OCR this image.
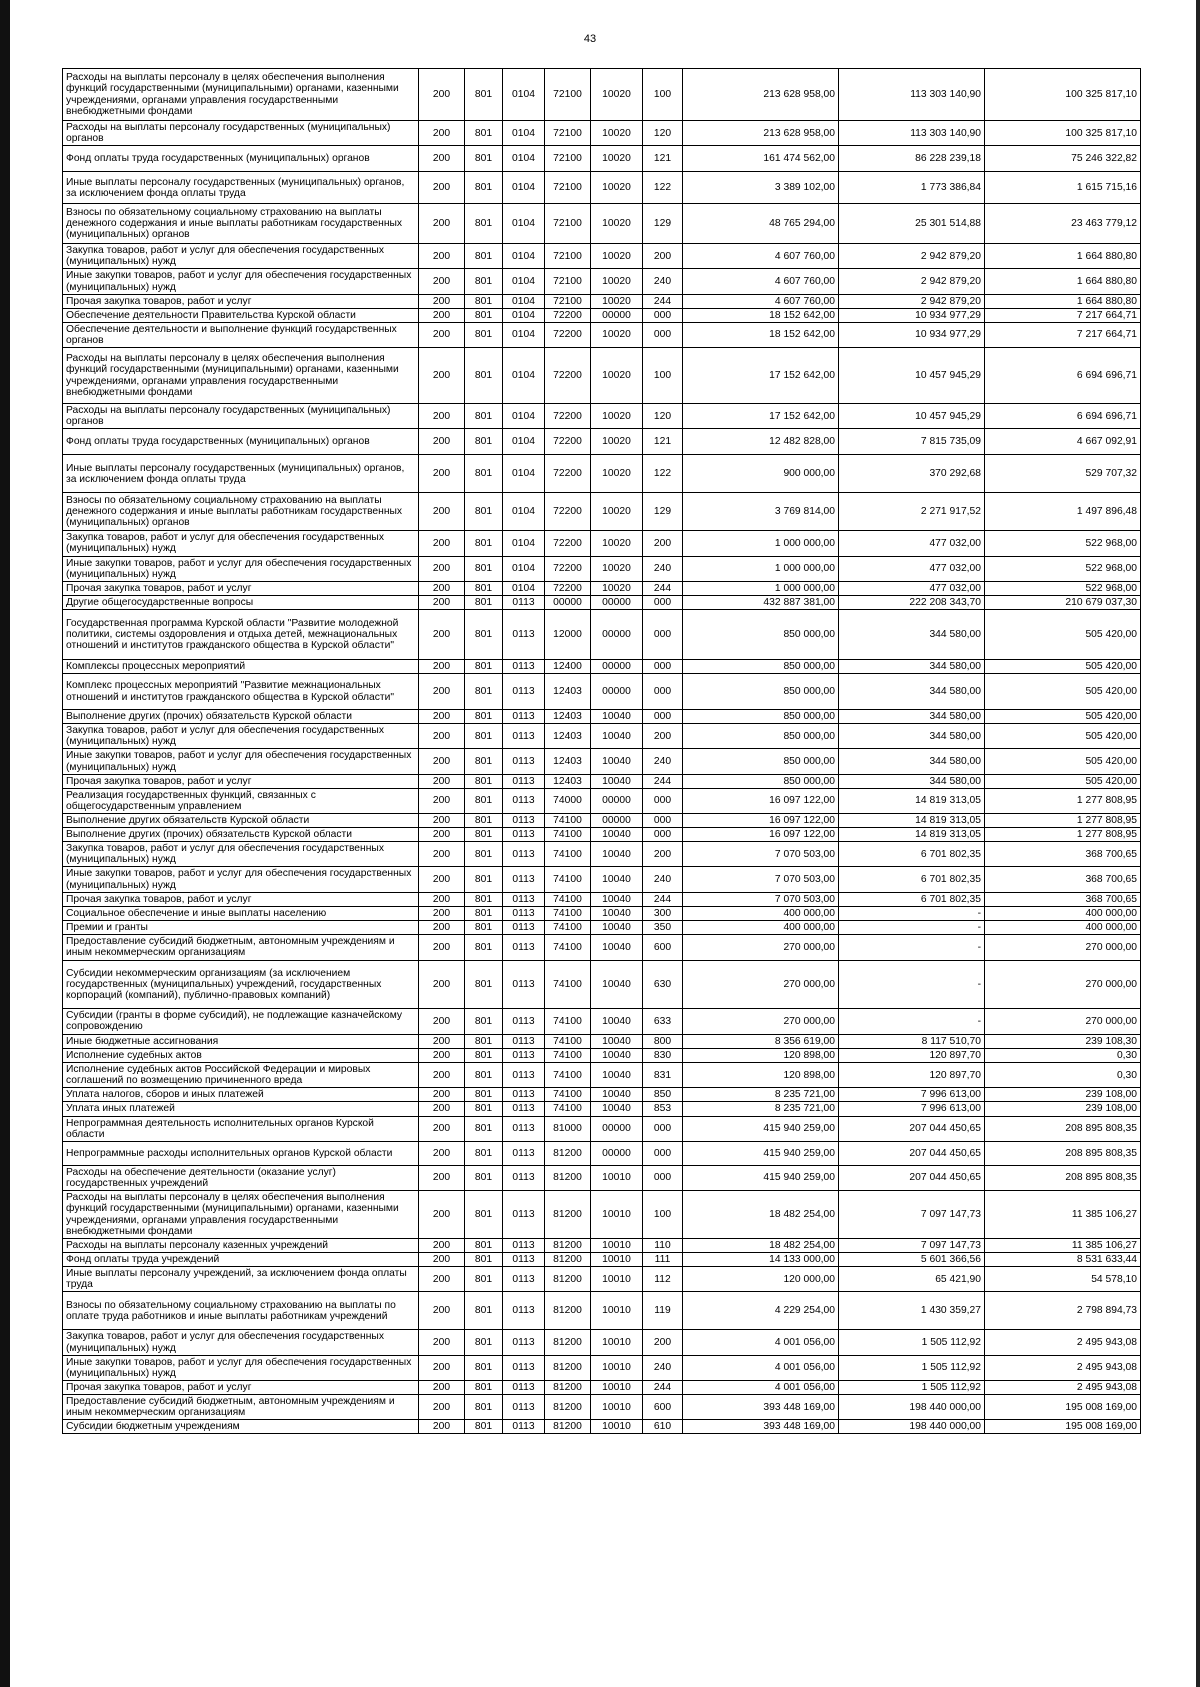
43
Расходы на выплаты персоналу в целях обеспечения выполнения функций государственными (муниципальными) органами, казенными учреждениями, органами управления государственными внебюджетными фондами	200	801	0104	72100	10020	100	213 628 958,00	113 303 140,90	100 325 817,10
Расходы на выплаты персоналу государственных (муниципальных) органов	200	801	0104	72100	10020	120	213 628 958,00	113 303 140,90	100 325 817,10
Фонд оплаты труда государственных (муниципальных) органов	200	801	0104	72100	10020	121	161 474 562,00	86 228 239,18	75 246 322,82
Иные выплаты персоналу государственных (муниципальных) органов, за исключением фонда оплаты труда	200	801	0104	72100	10020	122	3 389 102,00	1 773 386,84	1 615 715,16
Взносы по обязательному социальному страхованию на выплаты денежного содержания и иные выплаты работникам государственных (муниципальных) органов	200	801	0104	72100	10020	129	48 765 294,00	25 301 514,88	23 463 779,12
Закупка товаров, работ и услуг для обеспечения государственных (муниципальных) нужд	200	801	0104	72100	10020	200	4 607 760,00	2 942 879,20	1 664 880,80
Иные закупки товаров, работ и услуг для обеспечения государственных (муниципальных) нужд	200	801	0104	72100	10020	240	4 607 760,00	2 942 879,20	1 664 880,80
Прочая закупка товаров, работ и услуг	200	801	0104	72100	10020	244	4 607 760,00	2 942 879,20	1 664 880,80
Обеспечение деятельности Правительства Курской области	200	801	0104	72200	00000	000	18 152 642,00	10 934 977,29	7 217 664,71
Обеспечение деятельности и выполнение функций государственных органов	200	801	0104	72200	10020	000	18 152 642,00	10 934 977,29	7 217 664,71
Расходы на выплаты персоналу в целях обеспечения выполнения функций государственными (муниципальными) органами, казенными учреждениями, органами управления государственными внебюджетными фондами	200	801	0104	72200	10020	100	17 152 642,00	10 457 945,29	6 694 696,71
Расходы на выплаты персоналу государственных (муниципальных) органов	200	801	0104	72200	10020	120	17 152 642,00	10 457 945,29	6 694 696,71
Фонд оплаты труда государственных (муниципальных) органов	200	801	0104	72200	10020	121	12 482 828,00	7 815 735,09	4 667 092,91
Иные выплаты персоналу государственных (муниципальных) органов, за исключением фонда оплаты труда	200	801	0104	72200	10020	122	900 000,00	370 292,68	529 707,32
Взносы по обязательному социальному страхованию на выплаты денежного содержания и иные выплаты работникам государственных (муниципальных) органов	200	801	0104	72200	10020	129	3 769 814,00	2 271 917,52	1 497 896,48
Закупка товаров, работ и услуг для обеспечения государственных (муниципальных) нужд	200	801	0104	72200	10020	200	1 000 000,00	477 032,00	522 968,00
Иные закупки товаров, работ и услуг для обеспечения государственных (муниципальных) нужд	200	801	0104	72200	10020	240	1 000 000,00	477 032,00	522 968,00
Прочая закупка товаров, работ и услуг	200	801	0104	72200	10020	244	1 000 000,00	477 032,00	522 968,00
Другие общегосударственные вопросы	200	801	0113	00000	00000	000	432 887 381,00	222 208 343,70	210 679 037,30
Государственная программа Курской области "Развитие молодежной политики, системы оздоровления и отдыха детей, межнациональных отношений и институтов гражданского общества в Курской области"	200	801	0113	12000	00000	000	850 000,00	344 580,00	505 420,00
Комплексы процессных мероприятий	200	801	0113	12400	00000	000	850 000,00	344 580,00	505 420,00
Комплекс процессных мероприятий "Развитие межнациональных отношений и институтов гражданского общества в Курской области"	200	801	0113	12403	00000	000	850 000,00	344 580,00	505 420,00
Выполнение других (прочих) обязательств Курской области	200	801	0113	12403	10040	000	850 000,00	344 580,00	505 420,00
Закупка товаров, работ и услуг для обеспечения государственных (муниципальных) нужд	200	801	0113	12403	10040	200	850 000,00	344 580,00	505 420,00
Иные закупки товаров, работ и услуг для обеспечения государственных (муниципальных) нужд	200	801	0113	12403	10040	240	850 000,00	344 580,00	505 420,00
Прочая закупка товаров, работ и услуг	200	801	0113	12403	10040	244	850 000,00	344 580,00	505 420,00
Реализация государственных функций, связанных с общегосударственным управлением	200	801	0113	74000	00000	000	16 097 122,00	14 819 313,05	1 277 808,95
Выполнение других обязательств Курской области	200	801	0113	74100	00000	000	16 097 122,00	14 819 313,05	1 277 808,95
Выполнение других (прочих) обязательств Курской области	200	801	0113	74100	10040	000	16 097 122,00	14 819 313,05	1 277 808,95
Закупка товаров, работ и услуг для обеспечения государственных (муниципальных) нужд	200	801	0113	74100	10040	200	7 070 503,00	6 701 802,35	368 700,65
Иные закупки товаров, работ и услуг для обеспечения государственных (муниципальных) нужд	200	801	0113	74100	10040	240	7 070 503,00	6 701 802,35	368 700,65
Прочая закупка товаров, работ и услуг	200	801	0113	74100	10040	244	7 070 503,00	6 701 802,35	368 700,65
Социальное обеспечение и иные выплаты населению	200	801	0113	74100	10040	300	400 000,00	-	400 000,00
Премии и гранты	200	801	0113	74100	10040	350	400 000,00	-	400 000,00
Предоставление субсидий бюджетным, автономным учреждениям и иным некоммерческим организациям	200	801	0113	74100	10040	600	270 000,00	-	270 000,00
Субсидии некоммерческим организациям (за исключением государственных (муниципальных) учреждений, государственных корпораций (компаний), публично-правовых компаний)	200	801	0113	74100	10040	630	270 000,00	-	270 000,00
Субсидии (гранты в форме субсидий), не подлежащие казначейскому сопровождению	200	801	0113	74100	10040	633	270 000,00	-	270 000,00
Иные бюджетные ассигнования	200	801	0113	74100	10040	800	8 356 619,00	8 117 510,70	239 108,30
Исполнение судебных актов	200	801	0113	74100	10040	830	120 898,00	120 897,70	0,30
Исполнение судебных актов Российской Федерации и мировых соглашений по возмещению причиненного вреда	200	801	0113	74100	10040	831	120 898,00	120 897,70	0,30
Уплата налогов, сборов и иных платежей	200	801	0113	74100	10040	850	8 235 721,00	7 996 613,00	239 108,00
Уплата иных платежей	200	801	0113	74100	10040	853	8 235 721,00	7 996 613,00	239 108,00
Непрограммная деятельность исполнительных органов Курской области	200	801	0113	81000	00000	000	415 940 259,00	207 044 450,65	208 895 808,35
Непрограммные расходы исполнительных органов Курской области	200	801	0113	81200	00000	000	415 940 259,00	207 044 450,65	208 895 808,35
Расходы на обеспечение деятельности (оказание услуг) государственных учреждений	200	801	0113	81200	10010	000	415 940 259,00	207 044 450,65	208 895 808,35
Расходы на выплаты персоналу в целях обеспечения выполнения функций государственными (муниципальными) органами, казенными учреждениями, органами управления государственными внебюджетными фондами	200	801	0113	81200	10010	100	18 482 254,00	7 097 147,73	11 385 106,27
Расходы на выплаты персоналу казенных учреждений	200	801	0113	81200	10010	110	18 482 254,00	7 097 147,73	11 385 106,27
Фонд оплаты труда учреждений	200	801	0113	81200	10010	111	14 133 000,00	5 601 366,56	8 531 633,44
Иные выплаты персоналу учреждений, за исключением фонда оплаты труда	200	801	0113	81200	10010	112	120 000,00	65 421,90	54 578,10
Взносы по обязательному социальному страхованию на выплаты по оплате труда работников и иные выплаты работникам учреждений	200	801	0113	81200	10010	119	4 229 254,00	1 430 359,27	2 798 894,73
Закупка товаров, работ и услуг для обеспечения государственных (муниципальных) нужд	200	801	0113	81200	10010	200	4 001 056,00	1 505 112,92	2 495 943,08
Иные закупки товаров, работ и услуг для обеспечения государственных (муниципальных) нужд	200	801	0113	81200	10010	240	4 001 056,00	1 505 112,92	2 495 943,08
Прочая закупка товаров, работ и услуг	200	801	0113	81200	10010	244	4 001 056,00	1 505 112,92	2 495 943,08
Предоставление субсидий бюджетным, автономным учреждениям и иным некоммерческим организациям	200	801	0113	81200	10010	600	393 448 169,00	198 440 000,00	195 008 169,00
Субсидии бюджетным учреждениям	200	801	0113	81200	10010	610	393 448 169,00	198 440 000,00	195 008 169,00
